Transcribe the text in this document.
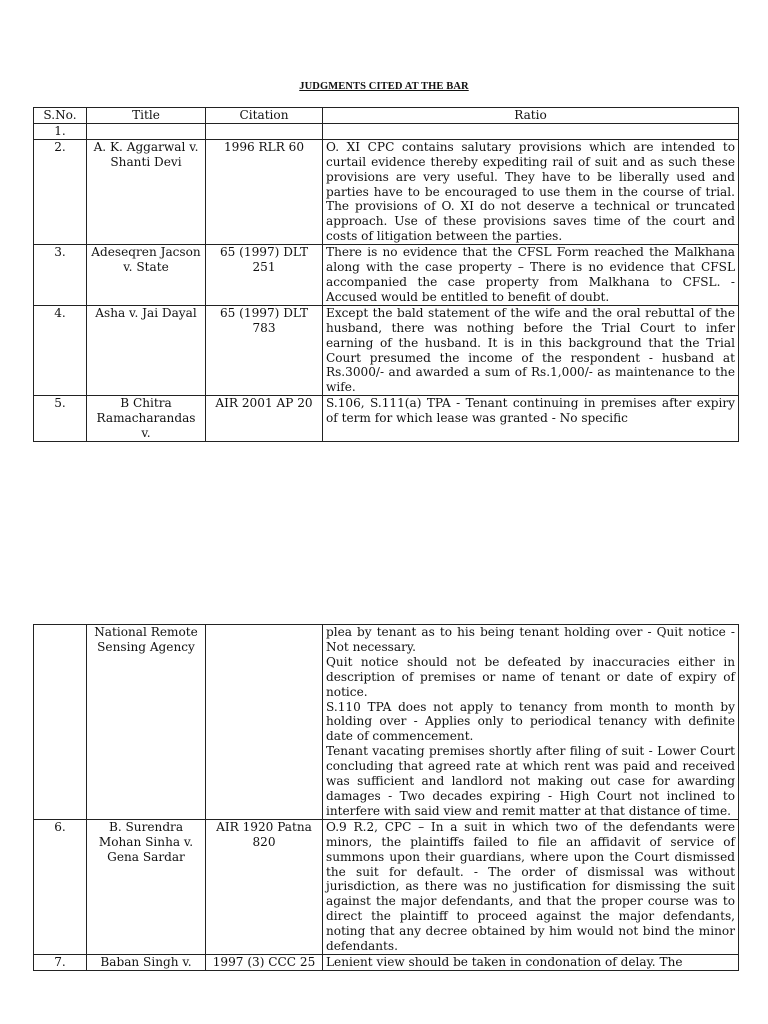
JUDGMENTS CITED AT THE BAR
S.No.	Title	Citation	Ratio
1.			
2.	A. K. Aggarwal v. Shanti Devi	1996 RLR 60	O. XI CPC contains salutary provisions which are intended to curtail evidence thereby expediting rail of suit and as such these provisions are very useful. They have to be liberally used and parties have to be encouraged to use them in the course of trial. The provisions of O. XI do not deserve a technical or truncated approach. Use of these provisions saves time of the court and costs of litigation between the parties.
3.	Adeseqren Jacson v. State	65 (1997) DLT 251	There is no evidence that the CFSL Form reached the Malkhana along with the case property – There is no evidence that CFSL accompanied the case property from Malkhana to CFSL. - Accused would be entitled to benefit of doubt.
4.	Asha v. Jai Dayal	65 (1997) DLT 783	Except the bald statement of the wife and the oral rebuttal of the husband, there was nothing before the Trial Court to infer earning of the husband. It is in this background that the Trial Court presumed the income of the respondent - husband at Rs.3000/- and awarded a sum of Rs.1,000/- as maintenance to the wife.
5.	B Chitra Ramacharandas v.	AIR 2001 AP 20	S.106, S.111(a) TPA - Tenant continuing in premises after expiry of term for which lease was granted - No specific
	National Remote Sensing Agency		plea by tenant as to his being tenant holding over - Quit notice - Not necessary.
Quit notice should not be defeated by inaccuracies either in description of premises or name of tenant or date of expiry of notice.
S.110 TPA does not apply to tenancy from month to month by holding over - Applies only to periodical tenancy with definite date of commencement.
Tenant vacating premises shortly after filing of suit - Lower Court concluding that agreed rate at which rent was paid and received was sufficient and landlord not making out case for awarding damages - Two decades expiring - High Court not inclined to interfere with said view and remit matter at that distance of time.

6.	B. Surendra Mohan Sinha v. Gena Sardar	AIR 1920 Patna 820	O.9 R.2, CPC – In a suit in which two of the defendants were minors, the plaintiffs failed to file an affidavit of service of summons upon their guardians, where upon the Court dismissed the suit for default. - The order of dismissal was without jurisdiction, as there was no justification for dismissing the suit against the major defendants, and that the proper course was to direct the plaintiff to proceed against the major defendants, noting that any decree obtained by him would not bind the minor defendants.

7.	Baban Singh v.	1997 (3) CCC 25	Lenient view should be taken in condonation of delay. The
